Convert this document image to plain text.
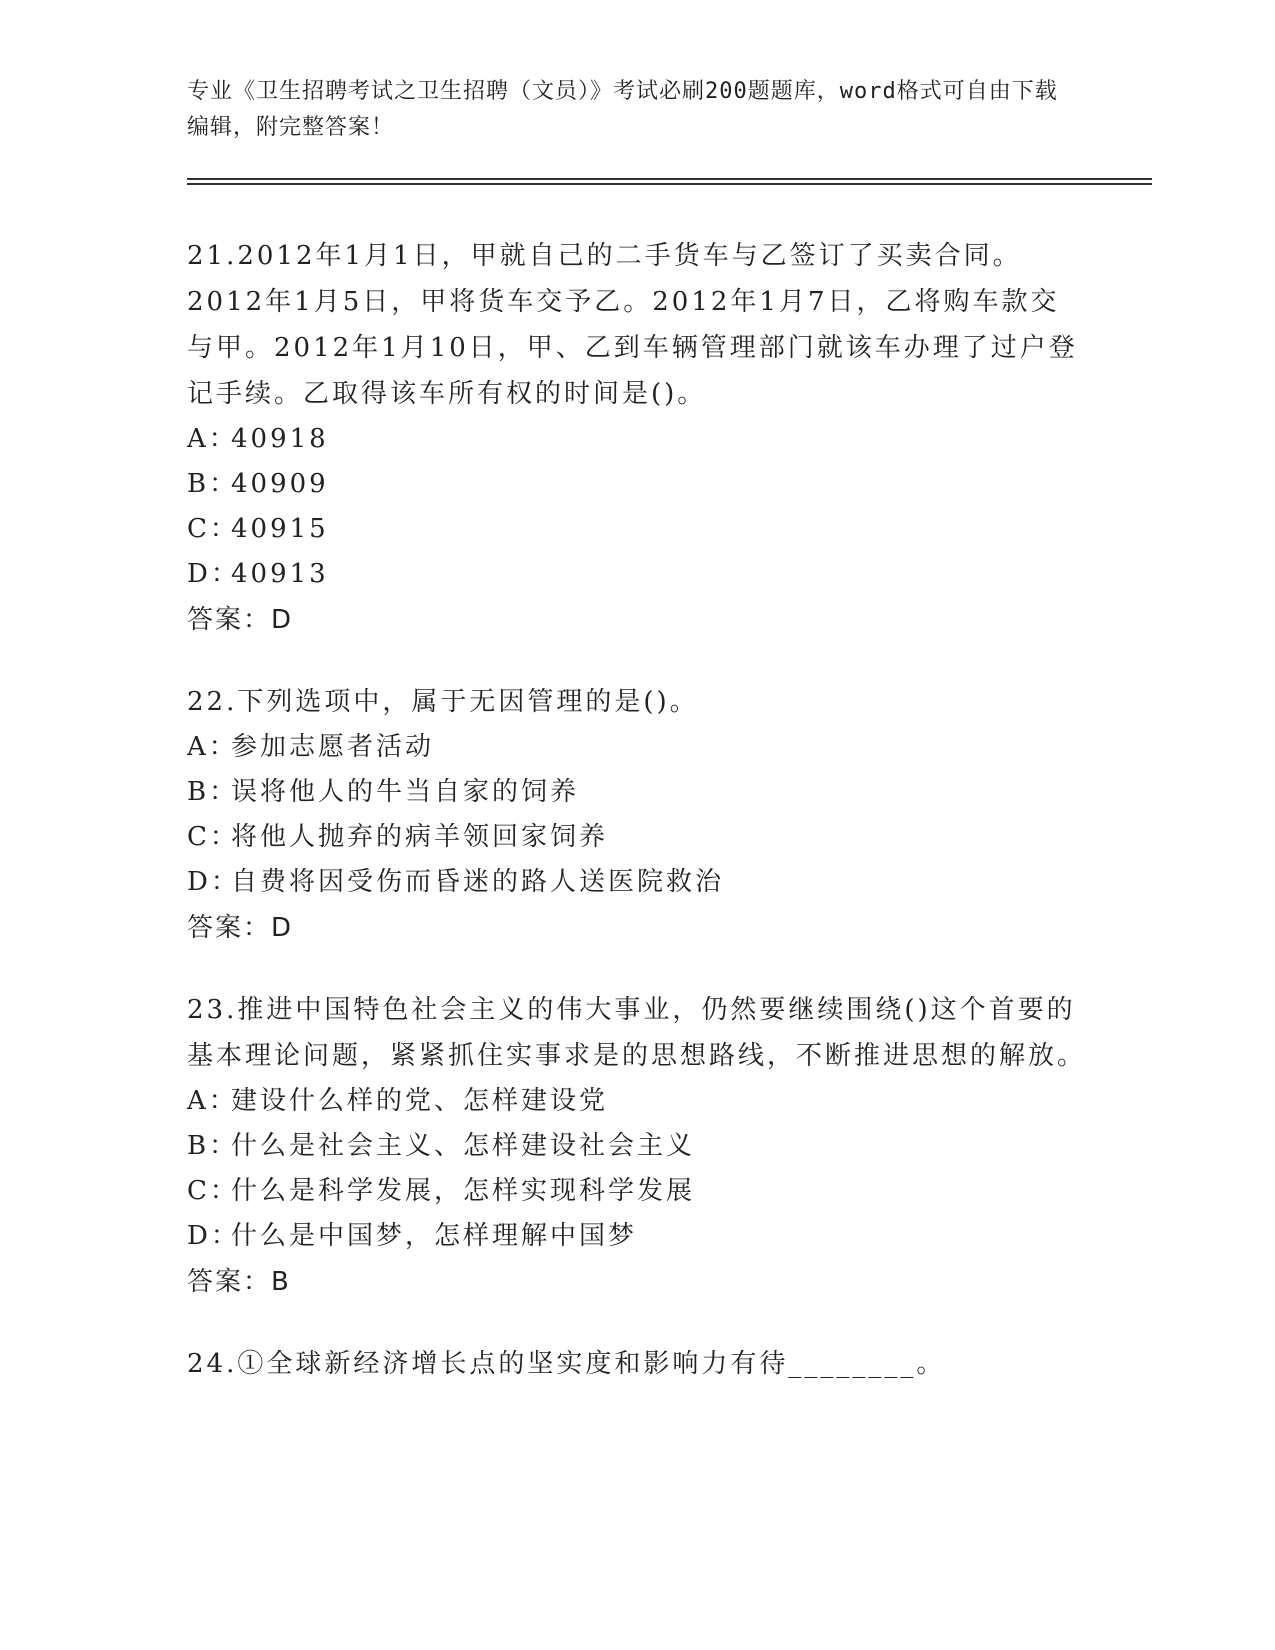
专业《卫生招聘考试之卫生招聘（文员）》考试必刷200题题库，word格式可自由下载编辑，附完整答案！

21.2012年1月1日，甲就自己的二手货车与乙签订了买卖合同。2012年1月5日，甲将货车交予乙。2012年1月7日，乙将购车款交与甲。2012年1月10日，甲、乙到车辆管理部门就该车办理了过户登记手续。乙取得该车所有权的时间是()。

A：
40918

B：
40909

C：
40915

D：
40913

答案：D

22.下列选项中，属于无因管理的是()。

A：
参加志愿者活动

B：
误将他人的牛当自家的饲养

C：
将他人抛弃的病羊领回家饲养

D：
自费将因受伤而昏迷的路人送医院救治

答案：D

23.推进中国特色社会主义的伟大事业，仍然要继续围绕()这个首要的基本理论问题，紧紧抓住实事求是的思想路线，不断推进思想的解放。

A：
建设什么样的党、怎样建设党

B：
什么是社会主义、怎样建设社会主义

C：
什么是科学发展，怎样实现科学发展

D：
什么是中国梦，怎样理解中国梦

答案：B

24.①全球新经济增长点的坚实度和影响力有待________。
